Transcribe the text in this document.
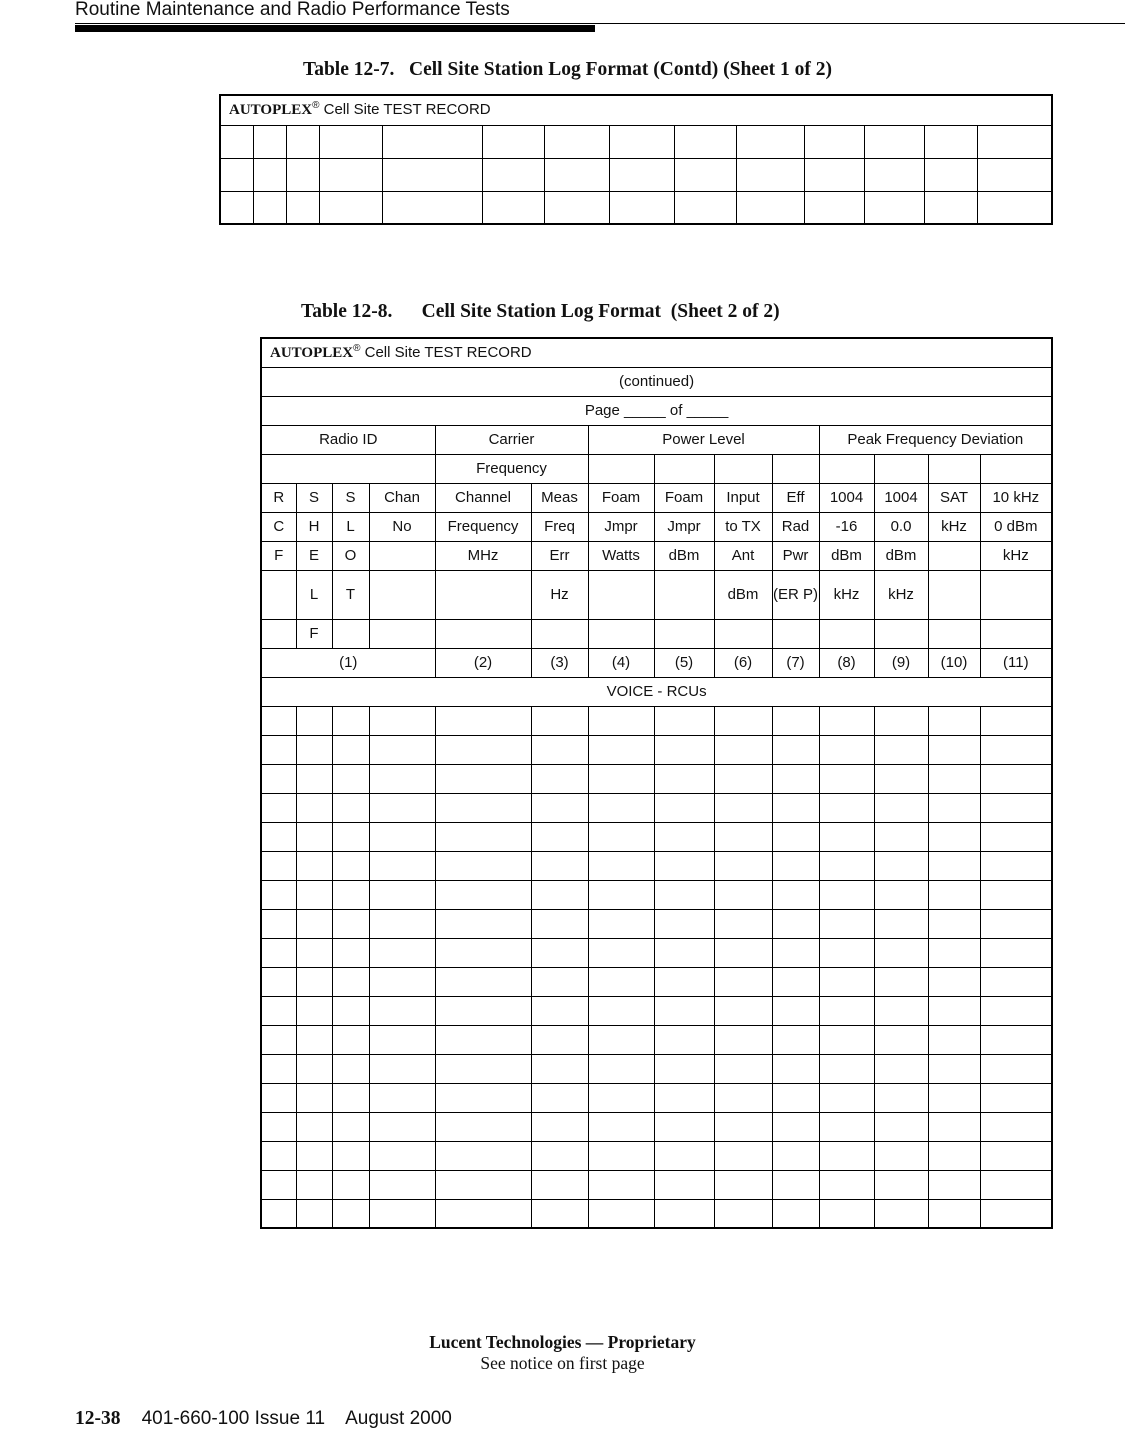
Routine Maintenance and Radio Performance Tests
Table 12-7.   Cell Site Station Log Format (Contd) (Sheet 1 of 2)
AUTOPLEX® Cell Site TEST RECORD													

Table 12-8.      Cell Site Station Log Format  (Sheet 2 of 2)
AUTOPLEX® Cell Site TEST RECORD													
(continued)													
Page _____ of _____													
Radio ID				Carrier		Power Level				Peak Frequency Deviation			
				Frequency									
R	S	S	Chan	Channel	Meas	Foam	Foam	Input	Eff	1004	1004	SAT	10 kHz
C	H	L	No	Frequency	Freq	Jmpr	Jmpr	to TX	Rad	-16	0.0	kHz	0 dBm
F	E	O		MHz	Err	Watts	dBm	Ant	Pwr	dBm	dBm		kHz
	L	T			Hz			dBm	(ER P)	kHz	kHz		
	F												
(1)				(2)	(3)	(4)	(5)	(6)	(7)	(8)	(9)	(10)	(11)
VOICE - RCUs													

Lucent Technologies — Proprietary
See notice on first page
12-38    401-660-100 Issue 11    August 2000
